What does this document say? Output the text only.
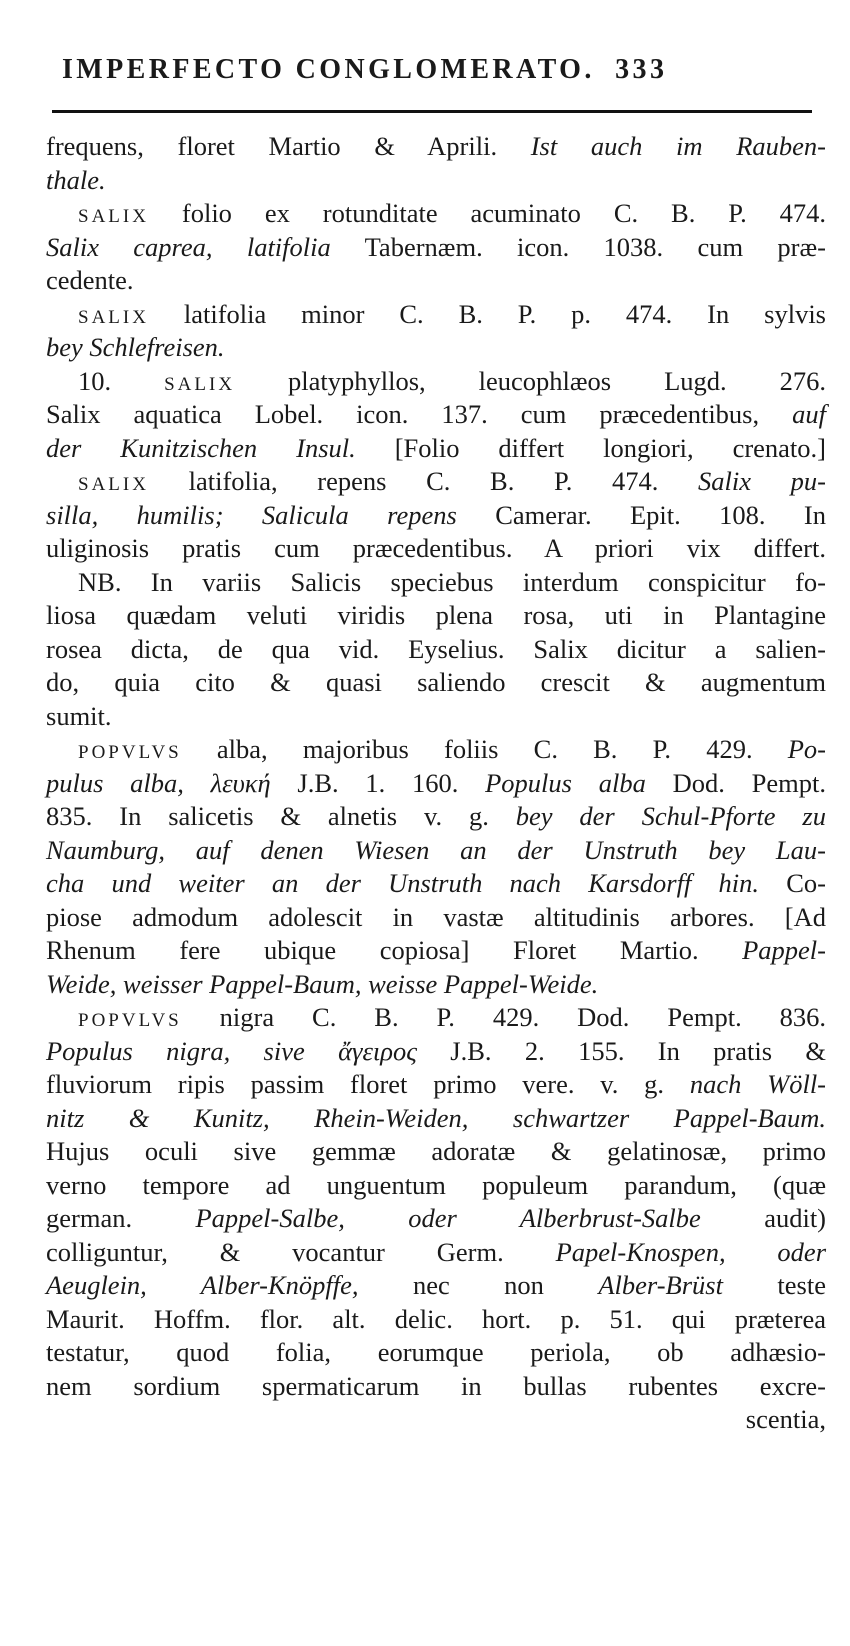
IMPERFECTO CONGLOMERATO. 333
frequens, floret Martio & Aprili. Ist auch im Rauben-
thale.
SALIX folio ex rotunditate acuminato C. B. P. 474.
Salix caprea, latifolia Tabernæm. icon. 1038. cum præ-
cedente.
SALIX latifolia minor C. B. P. p. 474. In sylvis
bey Schlefreisen.
10. SALIX platyphyllos, leucophlæos Lugd. 276.
Salix aquatica Lobel. icon. 137. cum præcedentibus, auf
der Kunitzischen Insul. [Folio differt longiori, crenato.]
SALIX latifolia, repens C. B. P. 474. Salix pu-
silla, humilis; Salicula repens Camerar. Epit. 108. In
uliginosis pratis cum præcedentibus. A priori vix differt.
NB. In variis Salicis speciebus interdum conspicitur fo-
liosa quædam veluti viridis plena rosa, uti in Plantagine
rosea dicta, de qua vid. Eyselius. Salix dicitur a salien-
do, quia cito & quasi saliendo crescit & augmentum
sumit.
POPVLVS alba, majoribus foliis C. B. P. 429. Po-
pulus alba, λευκή J.B. 1. 160. Populus alba Dod. Pempt.
835. In salicetis & alnetis v. g. bey der Schul-Pforte zu
Naumburg, auf denen Wiesen an der Unstruth bey Lau-
cha und weiter an der Unstruth nach Karsdorff hin. Co-
piose admodum adolescit in vastæ altitudinis arbores. [Ad
Rhenum fere ubique copiosa] Floret Martio. Pappel-
Weide, weisser Pappel-Baum, weisse Pappel-Weide.
POPVLVS nigra C. B. P. 429. Dod. Pempt. 836.
Populus nigra, sive ἄγειρος J.B. 2. 155. In pratis &
fluviorum ripis passim floret primo vere. v. g. nach Wöll-
nitz & Kunitz, Rhein-Weiden, schwartzer Pappel-Baum.
Hujus oculi sive gemmæ adoratæ & gelatinosæ, primo
verno tempore ad unguentum populeum parandum, (quæ
german. Pappel-Salbe, oder Alberbrust-Salbe audit)
colliguntur, & vocantur Germ. Papel-Knospen, oder
Aeuglein, Alber-Knöpffe, nec non Alber-Brüst teste
Maurit. Hoffm. flor. alt. delic. hort. p. 51. qui præterea
testatur, quod folia, eorumque periola, ob adhæsio-
nem sordium spermaticarum in bullas rubentes excre-
scentia,
